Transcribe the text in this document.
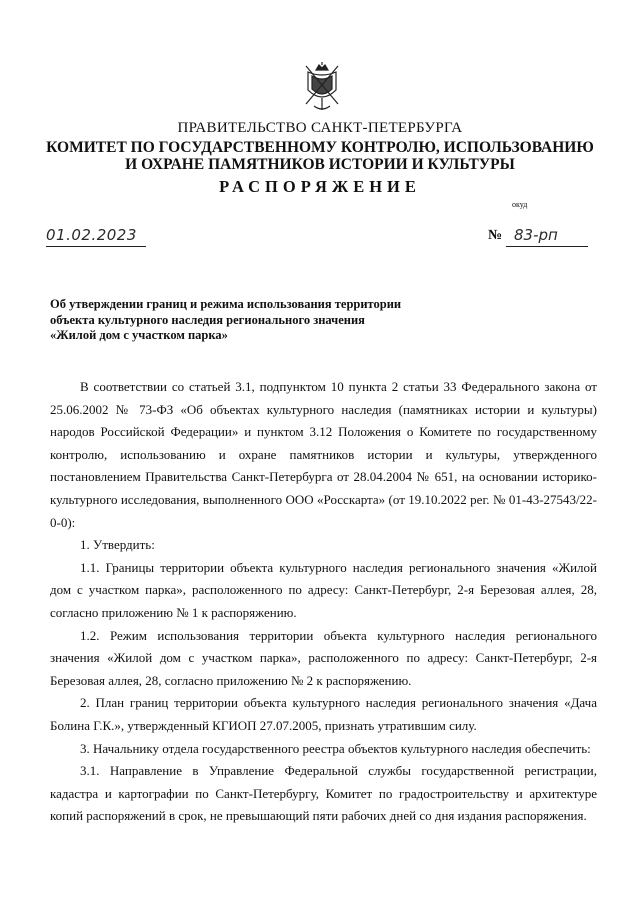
ПРАВИТЕЛЬСТВО САНКТ-ПЕТЕРБУРГА
КОМИТЕТ ПО ГОСУДАРСТВЕННОМУ КОНТРОЛЮ, ИСПОЛЬЗОВАНИЮ
И ОХРАНЕ ПАМЯТНИКОВ ИСТОРИИ И КУЛЬТУРЫ
РАСПОРЯЖЕНИЕ
окуд
01.02.2023	№ 83-рп
Об утверждении границ и режима использования территории
объекта культурного наследия регионального значения
«Жилой дом с участком парка»

В соответствии со статьей 3.1, подпунктом 10 пункта 2 статьи 33 Федерального закона от 25.06.2002 № 73-ФЗ «Об объектах культурного наследия (памятниках истории и культуры) народов Российской Федерации» и пунктом 3.12 Положения о Комитете по государственному контролю, использованию и охране памятников истории и культуры, утвержденного постановлением Правительства Санкт-Петербурга от 28.04.2004 № 651, на основании историко-культурного исследования, выполненного ООО «Росскарта» (от 19.10.2022 рег. № 01-43-27543/22-0-0):

1. Утвердить:

1.1. Границы территории объекта культурного наследия регионального значения «Жилой дом с участком парка», расположенного по адресу: Санкт-Петербург, 2-я Березовая аллея, 28, согласно приложению № 1 к распоряжению.

1.2. Режим использования территории объекта культурного наследия регионального значения «Жилой дом с участком парка», расположенного по адресу: Санкт-Петербург, 2-я Березовая аллея, 28, согласно приложению № 2 к распоряжению.

2. План границ территории объекта культурного наследия регионального значения «Дача Болина Г.К.», утвержденный КГИОП 27.07.2005, признать утратившим силу.

3. Начальнику отдела государственного реестра объектов культурного наследия обеспечить:

3.1. Направление в Управление Федеральной службы государственной регистрации, кадастра и картографии по Санкт-Петербургу, Комитет по градостроительству и архитектуре копий распоряжений в срок, не превышающий пяти рабочих дней со дня издания распоряжения.
